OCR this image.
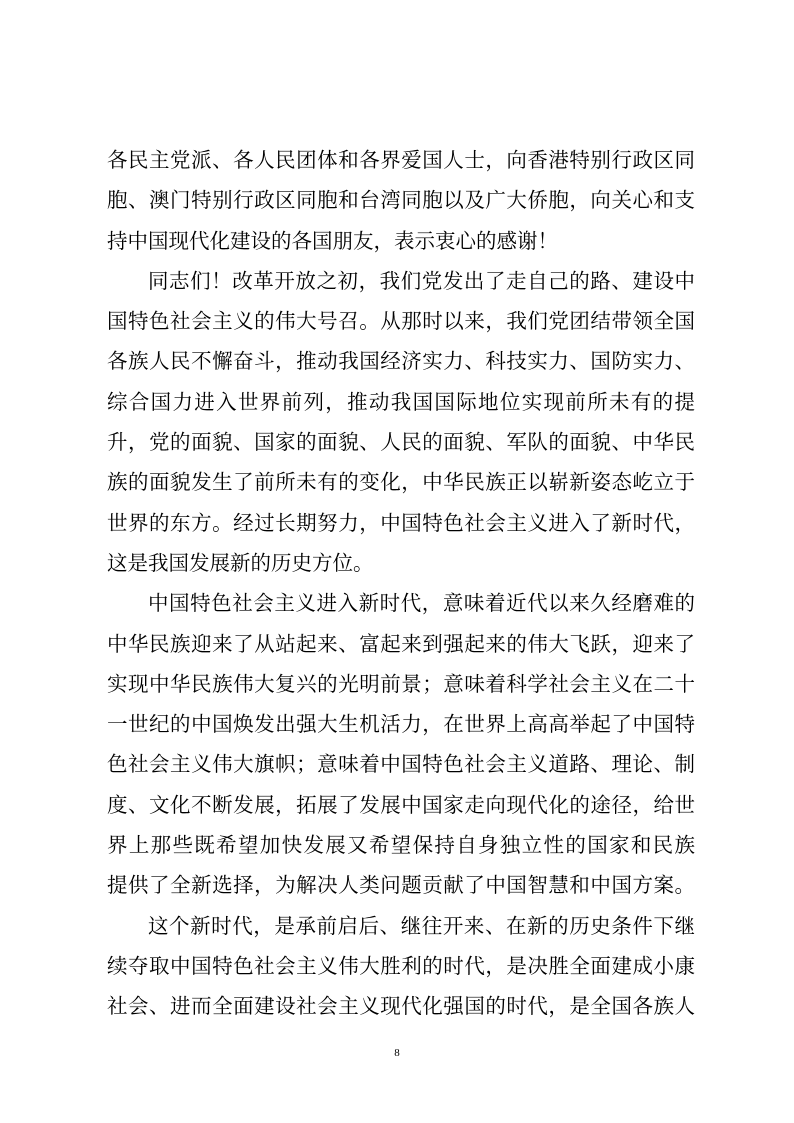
各民主党派、各人民团体和各界爱国人士，向香港特别行政区同
胞、澳门特别行政区同胞和台湾同胞以及广大侨胞，向关心和支
持中国现代化建设的各国朋友，表示衷心的感谢！
同志们！改革开放之初，我们党发出了走自己的路、建设中
国特色社会主义的伟大号召。从那时以来，我们党团结带领全国
各族人民不懈奋斗，推动我国经济实力、科技实力、国防实力、
综合国力进入世界前列，推动我国国际地位实现前所未有的提
升，党的面貌、国家的面貌、人民的面貌、军队的面貌、中华民
族的面貌发生了前所未有的变化，中华民族正以崭新姿态屹立于
世界的东方。经过长期努力，中国特色社会主义进入了新时代，
这是我国发展新的历史方位。
中国特色社会主义进入新时代，意味着近代以来久经磨难的
中华民族迎来了从站起来、富起来到强起来的伟大飞跃，迎来了
实现中华民族伟大复兴的光明前景；意味着科学社会主义在二十
一世纪的中国焕发出强大生机活力，在世界上高高举起了中国特
色社会主义伟大旗帜；意味着中国特色社会主义道路、理论、制
度、文化不断发展，拓展了发展中国家走向现代化的途径，给世
界上那些既希望加快发展又希望保持自身独立性的国家和民族
提供了全新选择，为解决人类问题贡献了中国智慧和中国方案。
这个新时代，是承前启后、继往开来、在新的历史条件下继
续夺取中国特色社会主义伟大胜利的时代，是决胜全面建成小康
社会、进而全面建设社会主义现代化强国的时代，是全国各族人
8
